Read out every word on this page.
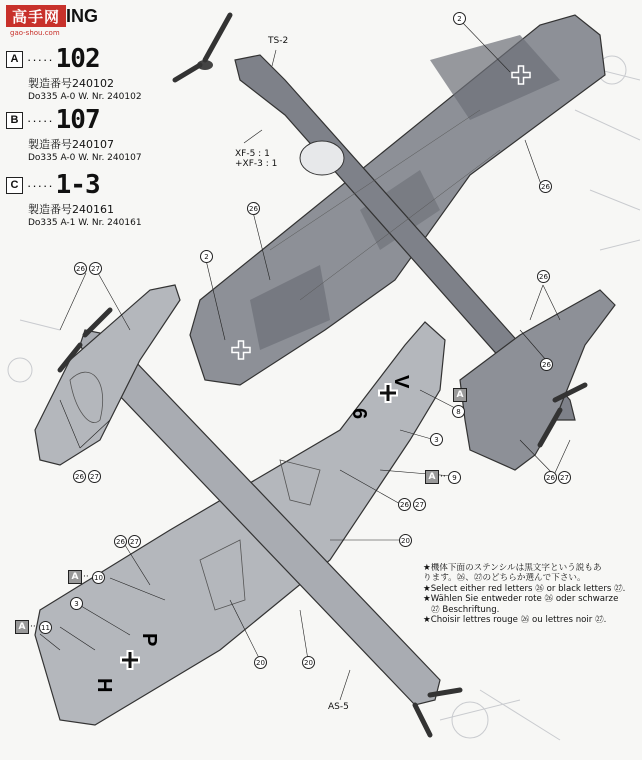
高手网 ING
gao-shou.com
A ····· 102
製造番号240102
Do335 A-0 W. Nr. 240102
B ····· 107
製造番号240107
Do335 A-0 W. Nr. 240107
C ····· 1-3
製造番号240161
Do335 A-1 W. Nr. 240161
V
6
P
H
2
TS-2
XF-5 : 1
+XF-3 : 1
26
26
2
26 27
26
26
A
8
3
26 27	26 27
A ·· 9
26 27
20
26 27
A ·· 10
3
A ·· 11
20	20
AS-5
★機体下面のステンシルは黒文字という説もあ
ります。㉖、㉗のどちらか選んで下さい。
★Select either red letters ㉖ or black letters ㉗.
★Wählen Sie entweder rote ㉖ oder schwarze
㉗ Beschriftung.
★Choisir lettres rouge ㉖ ou lettres noir ㉗.
